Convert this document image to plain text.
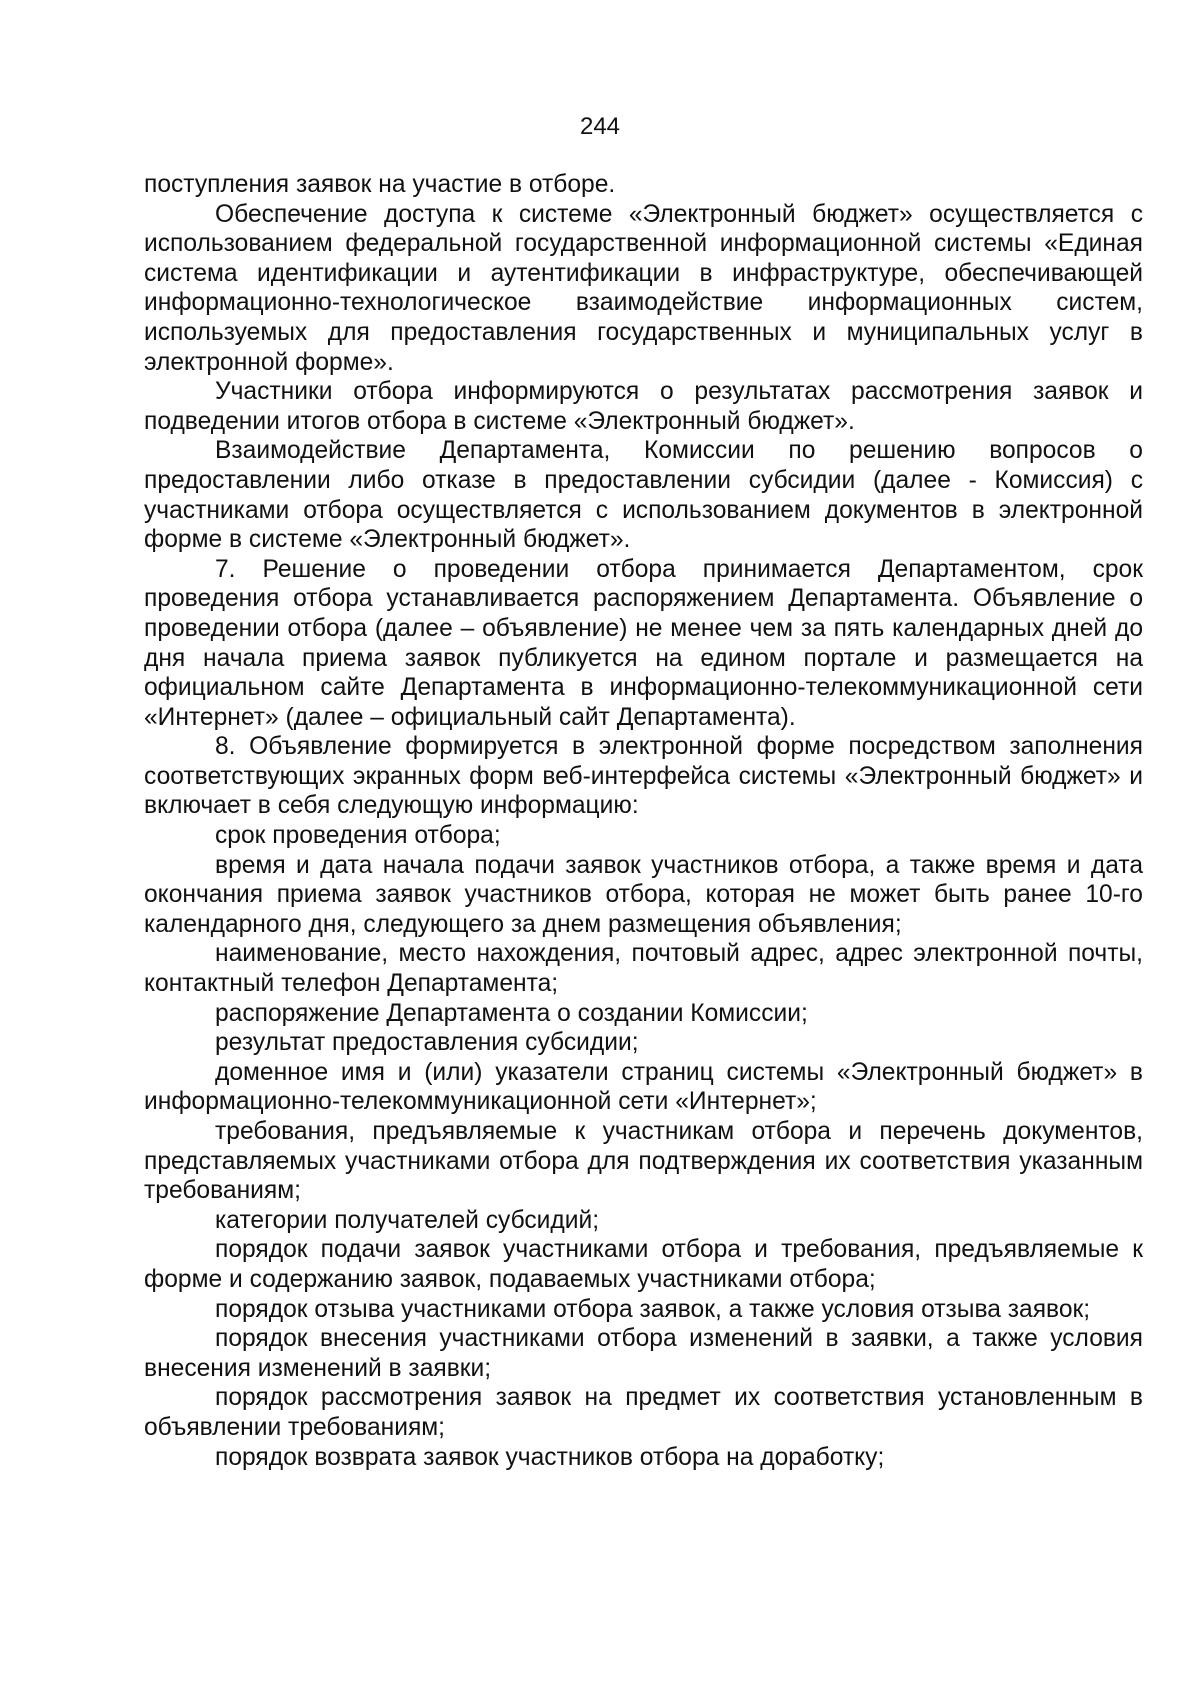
244

поступления заявок на участие в отборе.

Обеспечение доступа к системе «Электронный бюджет» осуществляется с использованием федеральной государственной информационной системы «Единая система идентификации и аутентификации в инфраструктуре, обеспечивающей информационно-технологическое взаимодействие информационных систем, используемых для предоставления государственных и муниципальных услуг в электронной форме».

Участники отбора информируются о результатах рассмотрения заявок и подведении итогов отбора в системе «Электронный бюджет».

Взаимодействие Департамента, Комиссии по решению вопросов о предоставлении либо отказе в предоставлении субсидии (далее - Комиссия) с участниками отбора осуществляется с использованием документов в электронной форме в системе «Электронный бюджет».

7. Решение о проведении отбора принимается Департаментом, срок проведения отбора устанавливается распоряжением Департамента. Объявление о проведении отбора (далее – объявление) не менее чем за пять календарных дней до дня начала приема заявок публикуется на едином портале и размещается на официальном сайте Департамента в информационно-телекоммуникационной сети «Интернет» (далее – официальный сайт Департамента).

8. Объявление формируется в электронной форме посредством заполнения соответствующих экранных форм веб-интерфейса системы «Электронный бюджет» и включает в себя следующую информацию:

срок проведения отбора;

время и дата начала подачи заявок участников отбора, а также время и дата окончания приема заявок участников отбора, которая не может быть ранее 10-го календарного дня, следующего за днем размещения объявления;

наименование, место нахождения, почтовый адрес, адрес электронной почты, контактный телефон Департамента;

распоряжение Департамента о создании Комиссии;

результат предоставления субсидии;

доменное имя и (или) указатели страниц системы «Электронный бюджет» в информационно-телекоммуникационной сети «Интернет»;

требования, предъявляемые к участникам отбора и перечень документов, представляемых участниками отбора для подтверждения их соответствия указанным требованиям;

категории получателей субсидий;

порядок подачи заявок участниками отбора и требования, предъявляемые к форме и содержанию заявок, подаваемых участниками отбора;

порядок отзыва участниками отбора заявок, а также условия отзыва заявок;

порядок внесения участниками отбора изменений в заявки, а также условия внесения изменений в заявки;

порядок рассмотрения заявок на предмет их соответствия установленным в объявлении требованиям;

порядок возврата заявок участников отбора на доработку;
